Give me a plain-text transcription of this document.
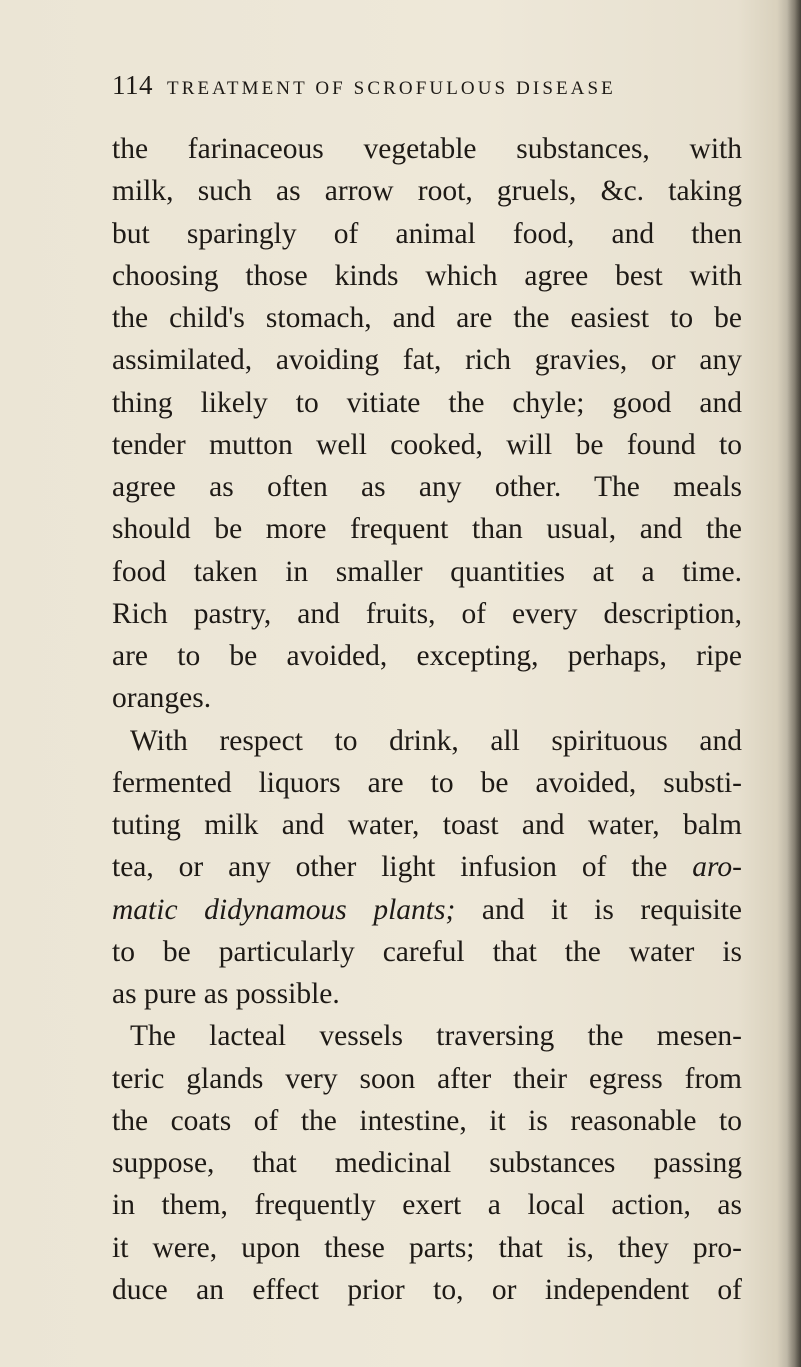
114 TREATMENT OF SCROFULOUS DISEASE
the farinaceous vegetable substances, with
milk, such as arrow root, gruels, &c. taking
but sparingly of animal food, and then
choosing those kinds which agree best with
the child's stomach, and are the easiest to be
assimilated, avoiding fat, rich gravies, or any
thing likely to vitiate the chyle; good and
tender mutton well cooked, will be found to
agree as often as any other. The meals
should be more frequent than usual, and the
food taken in smaller quantities at a time.
Rich pastry, and fruits, of every description,
are to be avoided, excepting, perhaps, ripe
oranges.
With respect to drink, all spirituous and
fermented liquors are to be avoided, substi-
tuting milk and water, toast and water, balm
tea, or any other light infusion of the aro-
matic didynamous plants; and it is requisite
to be particularly careful that the water is
as pure as possible.
The lacteal vessels traversing the mesen-
teric glands very soon after their egress from
the coats of the intestine, it is reasonable to
suppose, that medicinal substances passing
in them, frequently exert a local action, as
it were, upon these parts; that is, they pro-
duce an effect prior to, or independent of
